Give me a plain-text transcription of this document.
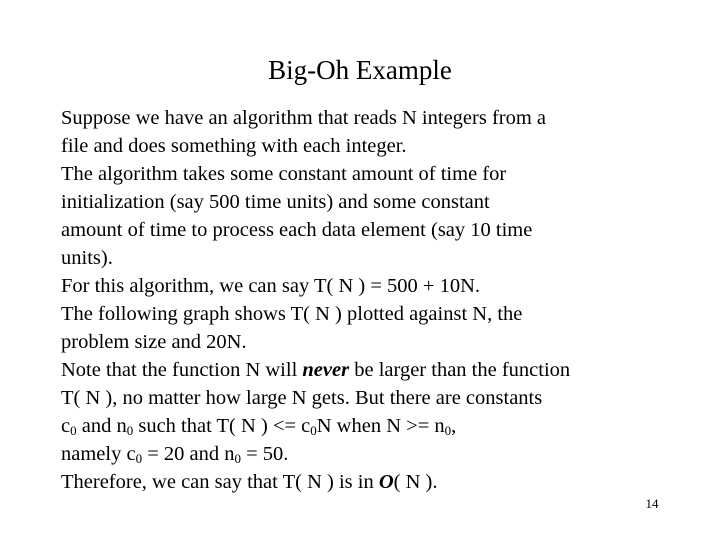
Big-Oh Example
Suppose we have an algorithm that reads N integers from a
file and does something with each integer.
The algorithm takes some constant amount of time for
initialization (say 500 time units) and some constant
amount of time to process each data element (say 10 time
units).
For this algorithm, we can say T( N ) = 500 + 10N.
The following graph shows T( N ) plotted against N, the
problem size and 20N.
Note that the function N will never be larger than the function
T( N ), no matter how large N gets. But there are constants
$c_0$ and $n_0$ such that T( N ) <= $c_0N$ when $N >= n_0$,
namely $c_0 = 20$ and $n_0 = 50$.
Therefore, we can say that T( N ) is in O( N ).
14
